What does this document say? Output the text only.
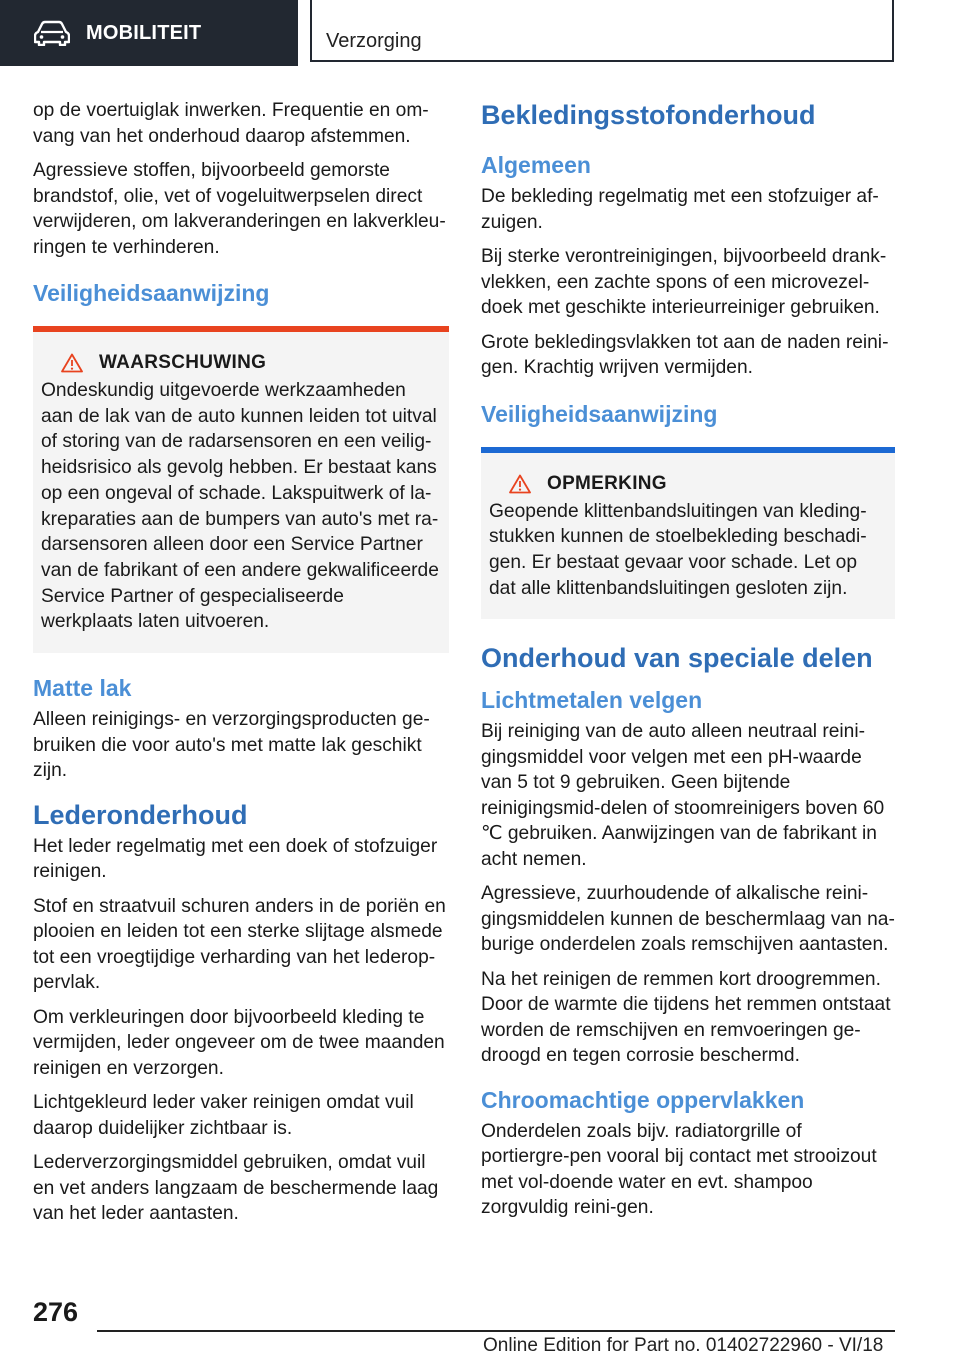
MOBILITEIT	Verzorging

op de voertuiglak inwerken. Frequentie en om-vang van het onderhoud daarop afstemmen.

Agressieve stoffen, bijvoorbeeld gemorste brandstof, olie, vet of vogeluitwerpselen direct verwijderen, om lakveranderingen en lakverkleu-ringen te verhinderen.

Veiligheidsaanwijzing
WAARSCHUWING

Ondeskundig uitgevoerde werkzaamheden aan de lak van de auto kunnen leiden tot uitval of storing van de radarsensoren en een veilig-heidsrisico als gevolg hebben. Er bestaat kans op een ongeval of schade. Lakspuitwerk of la-kreparaties aan de bumpers van auto's met ra-darsensoren alleen door een Service Partner van de fabrikant of een andere gekwalificeerde Service Partner of gespecialiseerde werkplaats laten uitvoeren.

Matte lak

Alleen reinigings- en verzorgingsproducten ge-bruiken die voor auto's met matte lak geschikt zijn.

Lederonderhoud

Het leder regelmatig met een doek of stofzuiger reinigen.

Stof en straatvuil schuren anders in de poriën en plooien en leiden tot een sterke slijtage alsmede tot een vroegtijdige verharding van het lederop-pervlak.

Om verkleuringen door bijvoorbeeld kleding te vermijden, leder ongeveer om de twee maanden reinigen en verzorgen.

Lichtgekleurd leder vaker reinigen omdat vuil daarop duidelijker zichtbaar is.

Lederverzorgingsmiddel gebruiken, omdat vuil en vet anders langzaam de beschermende laag van het leder aantasten.

Bekledingsstofonderhoud
Algemeen

De bekleding regelmatig met een stofzuiger af-zuigen.

Bij sterke verontreinigingen, bijvoorbeeld drank-vlekken, een zachte spons of een microvezel-doek met geschikte interieurreiniger gebruiken.

Grote bekledingsvlakken tot aan de naden reini-gen. Krachtig wrijven vermijden.

Veiligheidsaanwijzing
OPMERKING

Geopende klittenbandsluitingen van kleding-stukken kunnen de stoelbekleding beschadi-gen. Er bestaat gevaar voor schade. Let op dat alle klittenbandsluitingen gesloten zijn.

Onderhoud van speciale delen
Lichtmetalen velgen

Bij reiniging van de auto alleen neutraal reini-gingsmiddel voor velgen met een pH-waarde van 5 tot 9 gebruiken. Geen bijtende reinigingsmid-delen of stoomreinigers boven 60 ℃ gebruiken. Aanwijzingen van de fabrikant in acht nemen.

Agressieve, zuurhoudende of alkalische reini-gingsmiddelen kunnen de beschermlaag van na-burige onderdelen zoals remschijven aantasten.

Na het reinigen de remmen kort droogremmen. Door de warmte die tijdens het remmen ontstaat worden de remschijven en remvoeringen ge-droogd en tegen corrosie beschermd.

Chroomachtige oppervlakken

Onderdelen zoals bijv. radiatorgrille of portiergre-pen vooral bij contact met strooizout met vol-doende water en evt. shampoo zorgvuldig reini-gen.

276
Online Edition for Part no. 01402722960 - VI/18
